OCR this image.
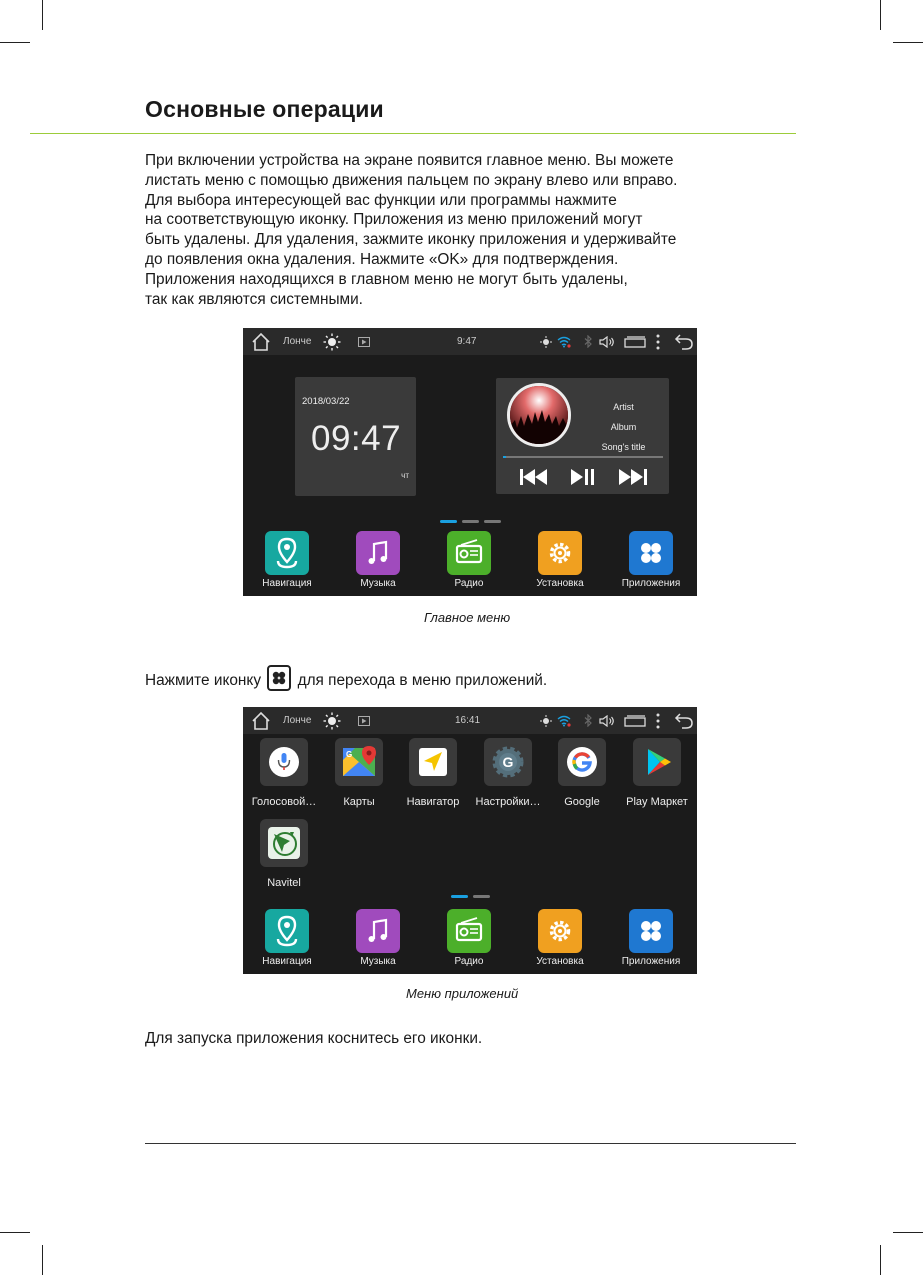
Основные операции

При включении устройства на экране появится главное меню. Вы можете
листать меню с помощью движения пальцем по экрану влево или вправо.
Для выбора интересующей вас функции или программы нажмите
на соответствующую иконку. Приложения из меню приложений могут
быть удалены. Для удаления, зажмите иконку приложения и удерживайте
до появления окна удаления. Нажмите «OK» для подтверждения.
Приложения находящихся в главном меню не могут быть удалены,
так как являются системными.

Лонче	9:47
2018/03/22
09:47
чт
Artist
Album
Song's title
Навигация	Музыка	Радио	Установка	Приложения
Главное меню

Нажмите иконку для перехода в меню приложений.

Лонче	16:41
Голосовой…
G
Карты	Навигатор
G
Настройки…	Google	Play Маркет
Navitel
Навигация	Музыка	Радио	Установка	Приложения
Меню приложений

Для запуска приложения коснитесь его иконки.
